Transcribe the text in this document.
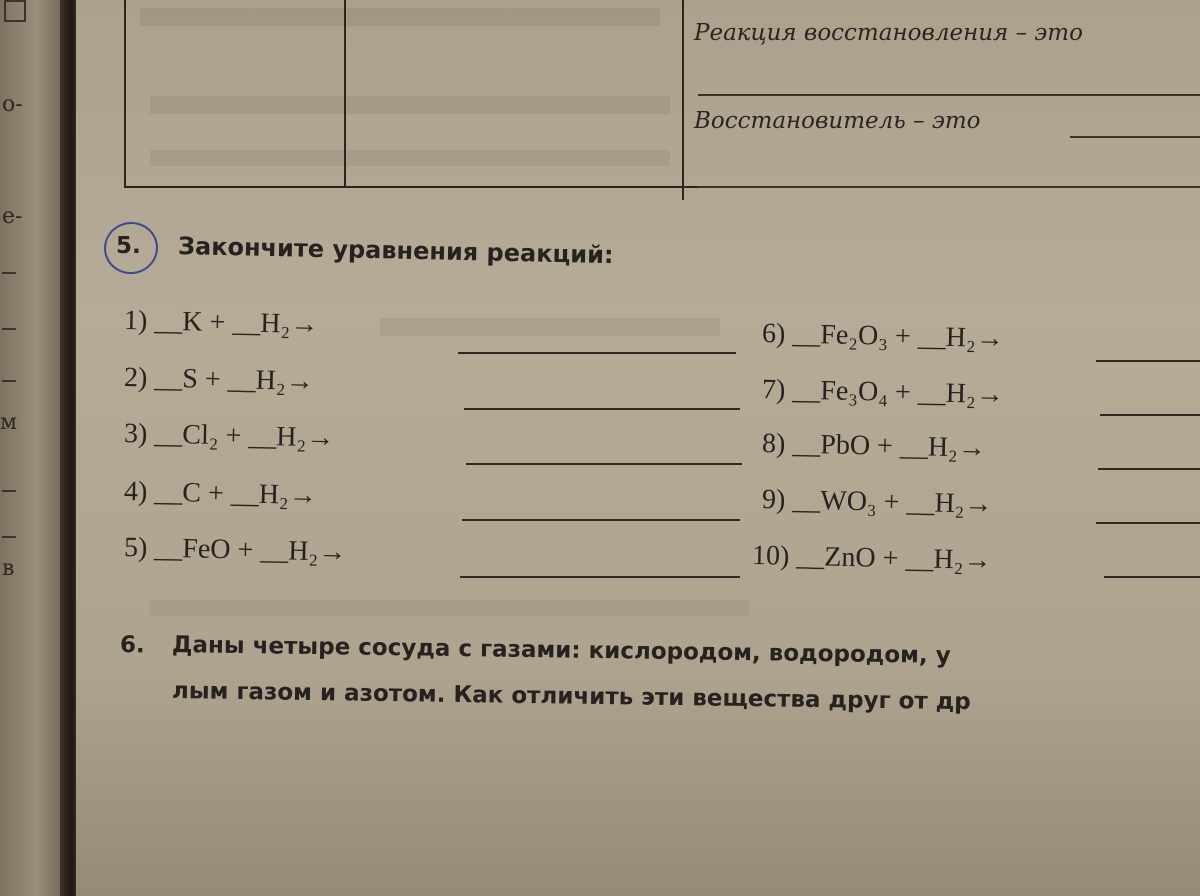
о-
е-
м
в
Реакция восстановления – это
Восстановитель – это
5. Закончите уравнения реакций:
1) __K + __H₂→
2) __S + __H₂→
3) __Cl₂ + __H₂→
4) __C + __H₂→
5) __FeO + __H₂→
6) __Fe₂O₃ + __H₂→
7) __Fe₃O₄ + __H₂→
8) __PbO + __H₂→
9) __WO₃ + __H₂→
10) __ZnO + __H₂→
6. Даны четыре сосуда с газами: кислородом, водородом, у
лым газом и азотом. Как отличить эти вещества друг от др
